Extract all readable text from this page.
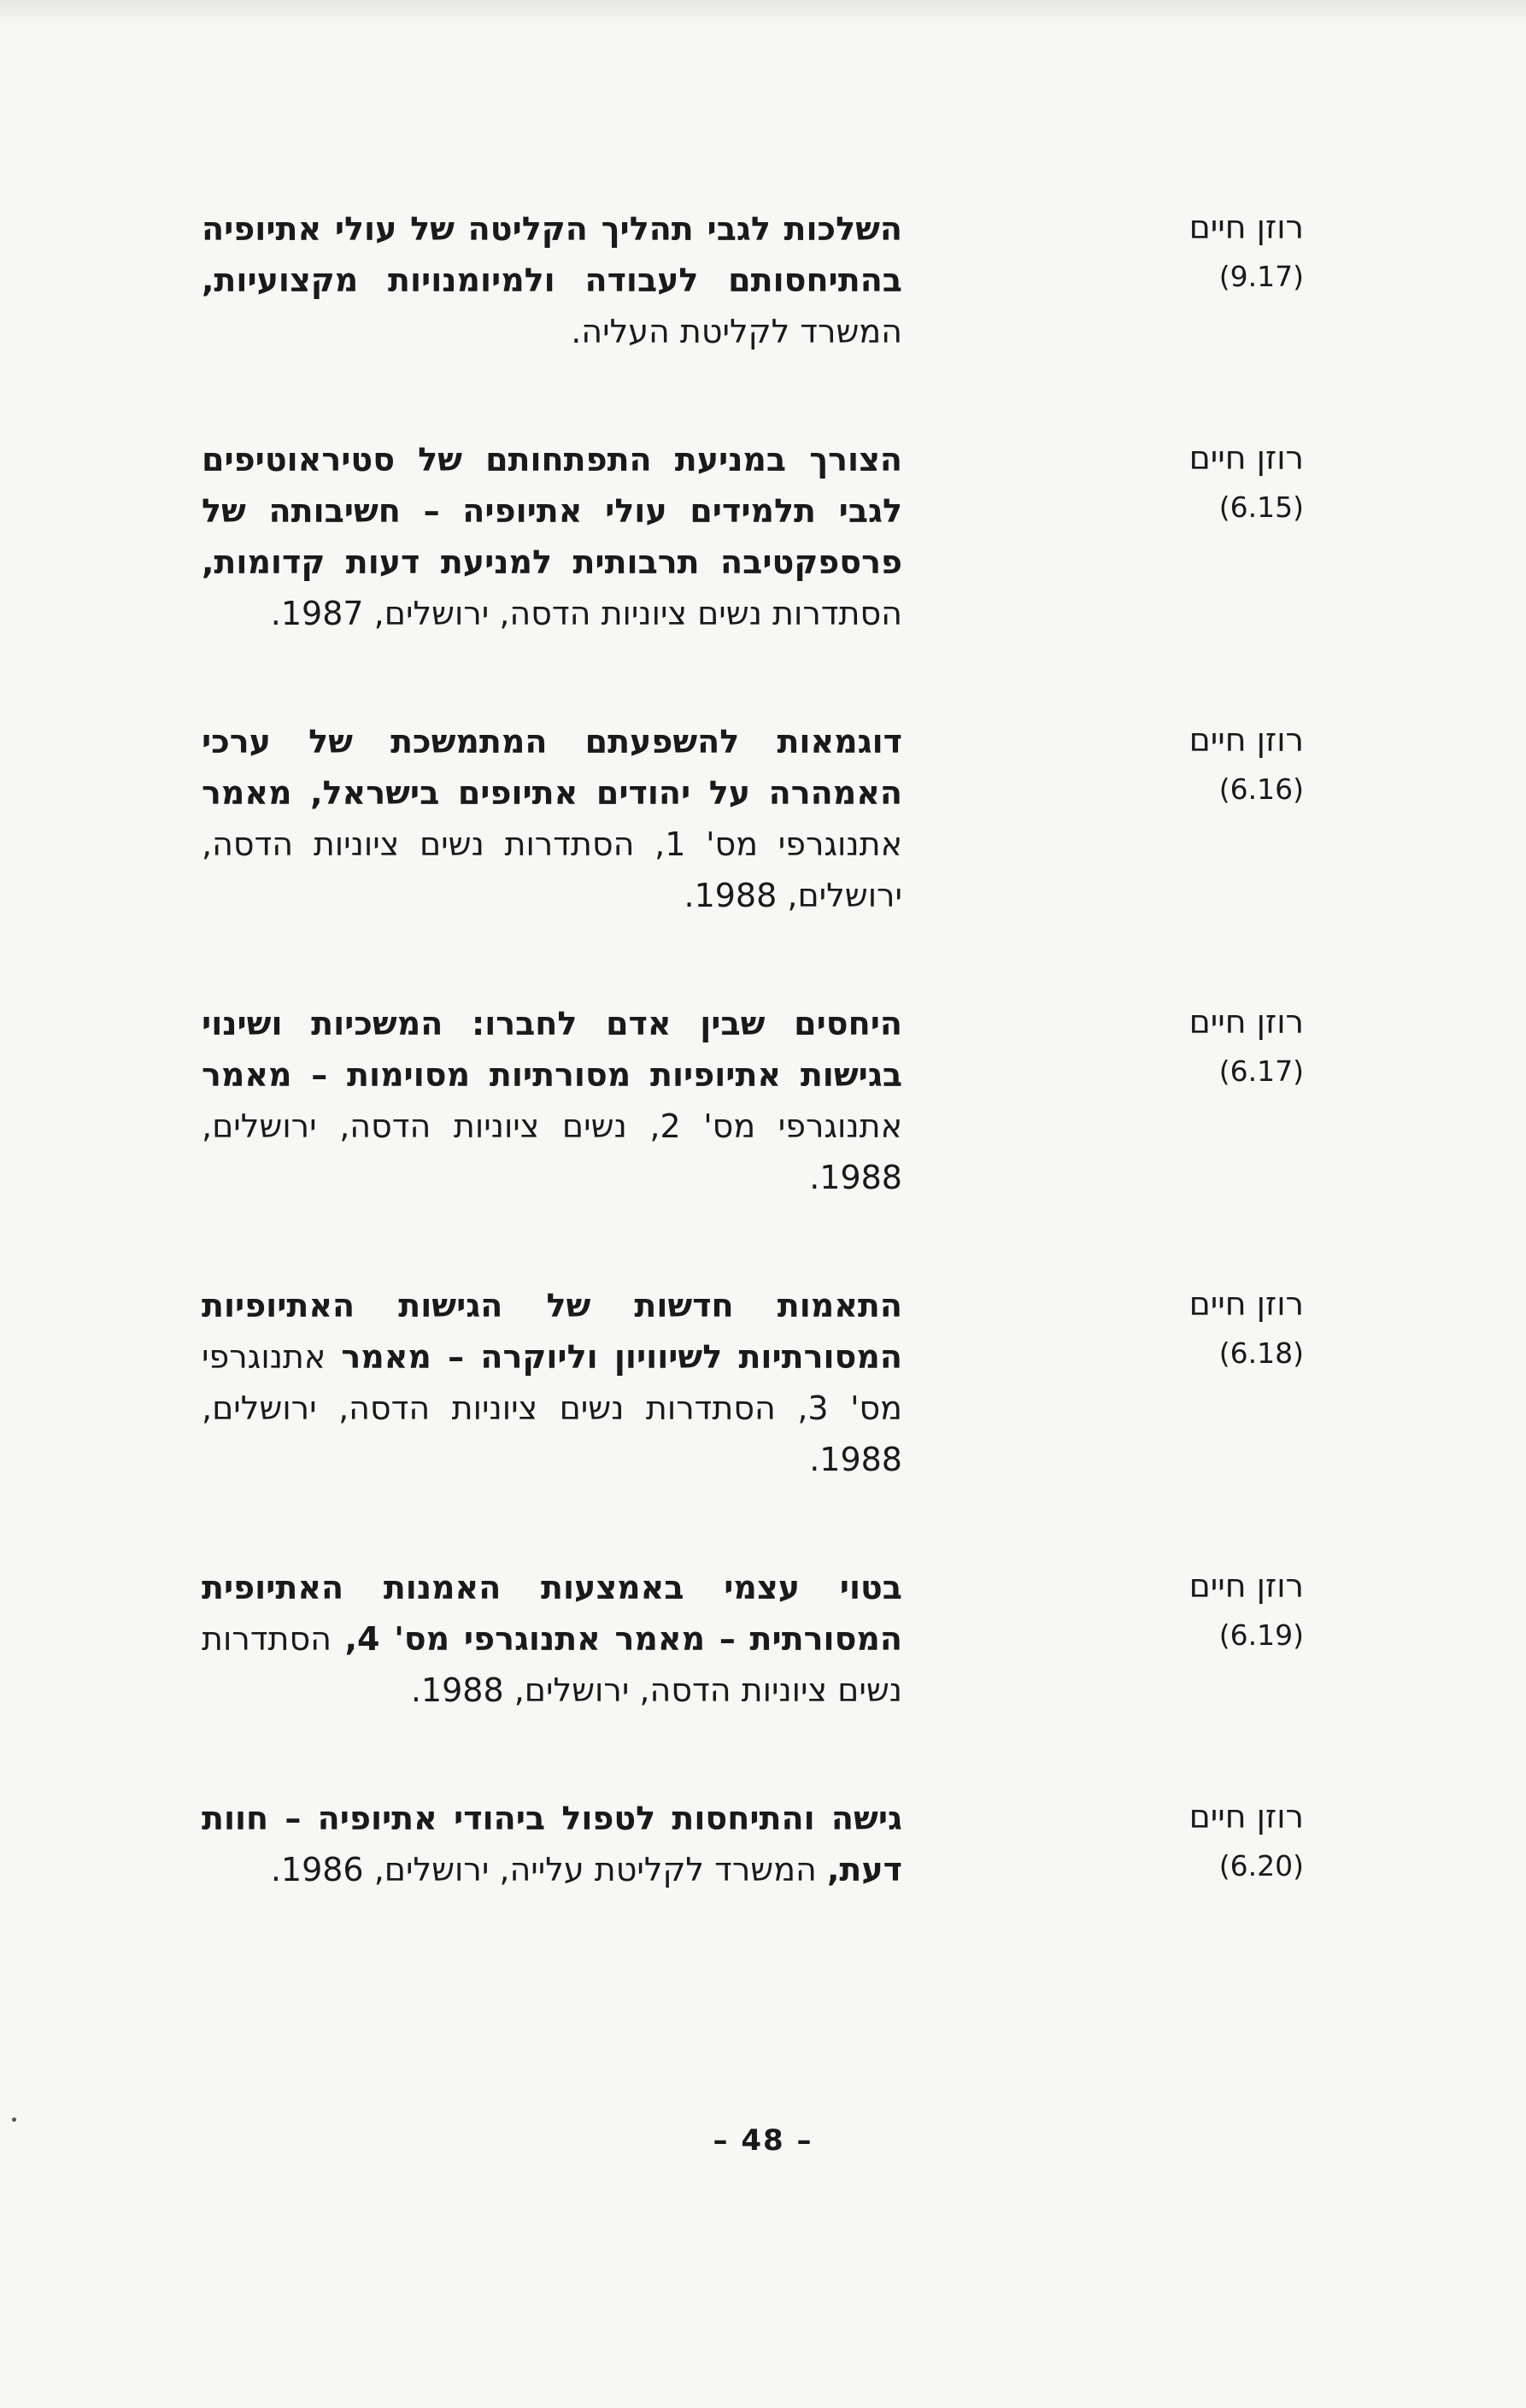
רוזן חיים
(9.17)
השלכות לגבי תהליך הקליטה של עולי אתיופיה בהתיחסותם לעבודה ולמיומנויות מקצועיות, המשרד לקליטת העליה.
רוזן חיים
(6.15)
הצורך במניעת התפתחותם של סטיראוטיפים לגבי תלמידים עולי אתיופיה – חשיבותה של פרספקטיבה תרבותית למניעת דעות קדומות, הסתדרות נשים ציוניות הדסה, ירושלים, 1987.
רוזן חיים
(6.16)
דוגמאות להשפעתם המתמשכת של ערכי האמהרה על יהודים אתיופים בישראל, מאמר אתנוגרפי מס' 1, הסתדרות נשים ציוניות הדסה, ירושלים, 1988.
רוזן חיים
(6.17)
היחסים שבין אדם לחברו: המשכיות ושינוי בגישות אתיופיות מסורתיות מסוימות – מאמר אתנוגרפי מס' 2, נשים ציוניות הדסה, ירושלים, 1988.
רוזן חיים
(6.18)
התאמות חדשות של הגישות האתיופיות המסורתיות לשיוויון וליוקרה – מאמר אתנוגרפי מס' 3, הסתדרות נשים ציוניות הדסה, ירושלים, 1988.
רוזן חיים
(6.19)
בטוי עצמי באמצעות האמנות האתיופית המסורתית – מאמר אתנוגרפי מס' 4, הסתדרות נשים ציוניות הדסה, ירושלים, 1988.
רוזן חיים
(6.20)
גישה והתיחסות לטפול ביהודי אתיופיה – חוות דעת, המשרד לקליטת עלייה, ירושלים, 1986.
– 48 –
